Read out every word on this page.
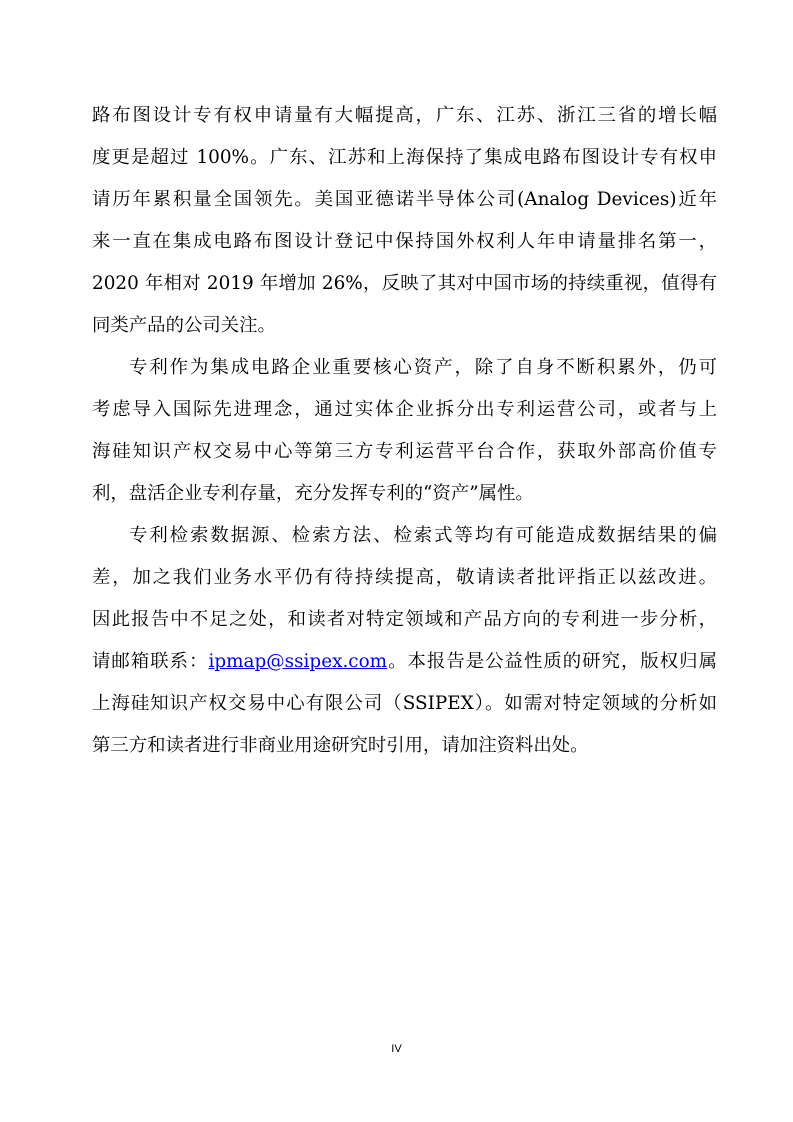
路布图设计专有权申请量有大幅提高，广东、江苏、浙江三省的增长幅
度更是超过 100%。广东、江苏和上海保持了集成电路布图设计专有权申
请历年累积量全国领先。美国亚德诺半导体公司(Analog Devices)近年
来一直在集成电路布图设计登记中保持国外权利人年申请量排名第一，
2020 年相对 2019 年增加 26%，反映了其对中国市场的持续重视，值得有
同类产品的公司关注。
专利作为集成电路企业重要核心资产，除了自身不断积累外，仍可
考虑导入国际先进理念，通过实体企业拆分出专利运营公司，或者与上
海硅知识产权交易中心等第三方专利运营平台合作，获取外部高价值专
利，盘活企业专利存量，充分发挥专利的“资产”属性。
专利检索数据源、检索方法、检索式等均有可能造成数据结果的偏
差，加之我们业务水平仍有待持续提高，敬请读者批评指正以兹改进。
因此报告中不足之处，和读者对特定领域和产品方向的专利进一步分析，
请邮箱联系：ipmap@ssipex.com。本报告是公益性质的研究，版权归属
上海硅知识产权交易中心有限公司（SSIPEX）。如需对特定领域的分析如
第三方和读者进行非商业用途研究时引用，请加注资料出处。
IV
